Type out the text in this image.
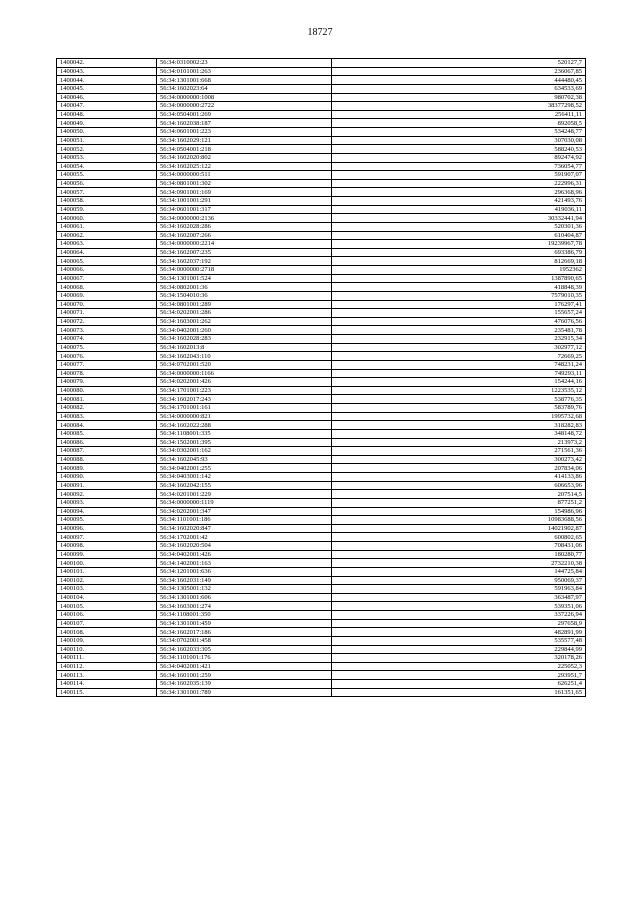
18727
1400042.	56:34:0310002:23	520127,7
1400043.	56:34:0101001:263	236067,85
1400044.	56:34:1301001:668	444480,45
1400045.	56:34:1602023:64	634533,69
1400046.	56:34:0000000:1008	980702,38
1400047.	56:34:0000000:2722	38377298,52
1400048.	56:34:0504001:269	256411,11
1400049.	56:34:1602038:187	892058,5
1400050.	56:34:0601001:223	534248,77
1400051.	56:34:1602029:121	307030,08
1400052.	56:34:0504001:218	588240,53
1400053.	56:34:1602020:802	892474,92
1400054.	56:34:1602025:122	736054,77
1400055.	56:34:0000000:511	591907,07
1400056.	56:34:0801001:302	222996,31
1400057.	56:34:0901001:169	296368,96
1400058.	56:34:1001001:291	421493,76
1400059.	56:34:0601001:317	419036,11
1400060.	56:34:0000000:2136	30332441,94
1400061.	56:34:1602028:286	520301,36
1400062.	56:34:1602007:266	610404,87
1400063.	56:34:0000000:2214	19239967,78
1400064.	56:34:1602007:235	693386,79
1400065.	56:34:1602037:192	812669,18
1400066.	56:34:0000000:2718	1952362
1400067.	56:34:1301001:524	1387890,65
1400068.	56:34:0802001:36	418848,39
1400069.	56:34:1504010:36	7579010,35
1400070.	56:34:0801001:289	176297,41
1400071.	56:34:0202001:286	155657,24
1400072.	56:34:1603001:262	476076,56
1400073.	56:34:0402001:260	235481,78
1400074.	56:34:1602028:283	232915,34
1400075.	56:34:1602013:8	302977,12
1400076.	56:34:1602043:110	72669,25
1400077.	56:34:0702001:520	748231,24
1400078.	56:34:0000000:1166	749293,11
1400079.	56:34:0202001:426	154244,16
1400080.	56:34:1701001:223	1223535,12
1400081.	56:34:1602017:243	538776,35
1400082.	56:34:1701001:161	583789,76
1400083.	56:34:0000000:821	1995732,68
1400084.	56:34:1602022:288	318282,83
1400085.	56:34:1108001:335	348148,72
1400086.	56:34:1502001:395	213973,2
1400087.	56:34:0302001:162	271561,36
1400088.	56:34:1602045:93	300273,42
1400089.	56:34:0402001:255	207834,06
1400090.	56:34:0403001:142	414133,86
1400091.	56:34:1602042:155	606653,96
1400092.	56:34:0201001:229	207514,5
1400093.	56:34:0000000:1119	877251,2
1400094.	56:34:0202001:347	154986,96
1400095.	56:34:1101001:186	10983688,56
1400096.	56:34:1602020:847	14021902,87
1400097.	56:34:1702001:42	600802,65
1400098.	56:34:1602020:504	708431,06
1400099.	56:34:0402001:426	180280,77
1400100.	56:34:1402001:163	2732210,38
1400101.	56:34:1201001:636	144725,84
1400102.	56:34:1602031:149	950069,37
1400103.	56:34:1305001:132	591963,84
1400104.	56:34:1301001:606	363487,97
1400105.	56:34:1603001:274	539351,06
1400106.	56:34:1108001:350	337226,94
1400107.	56:34:1301001:459	297658,9
1400108.	56:34:1602017:186	482891,99
1400109.	56:34:0702001:458	535577,48
1400110.	56:34:1602033:305	229844,99
1400111.	56:34:1101001:176	320178,26
1400112.	56:34:0402001:421	225052,3
1400113.	56:34:1601001:259	293951,7
1400114.	56:34:1602035:139	626251,4
1400115.	56:34:1301001:789	161351,65
